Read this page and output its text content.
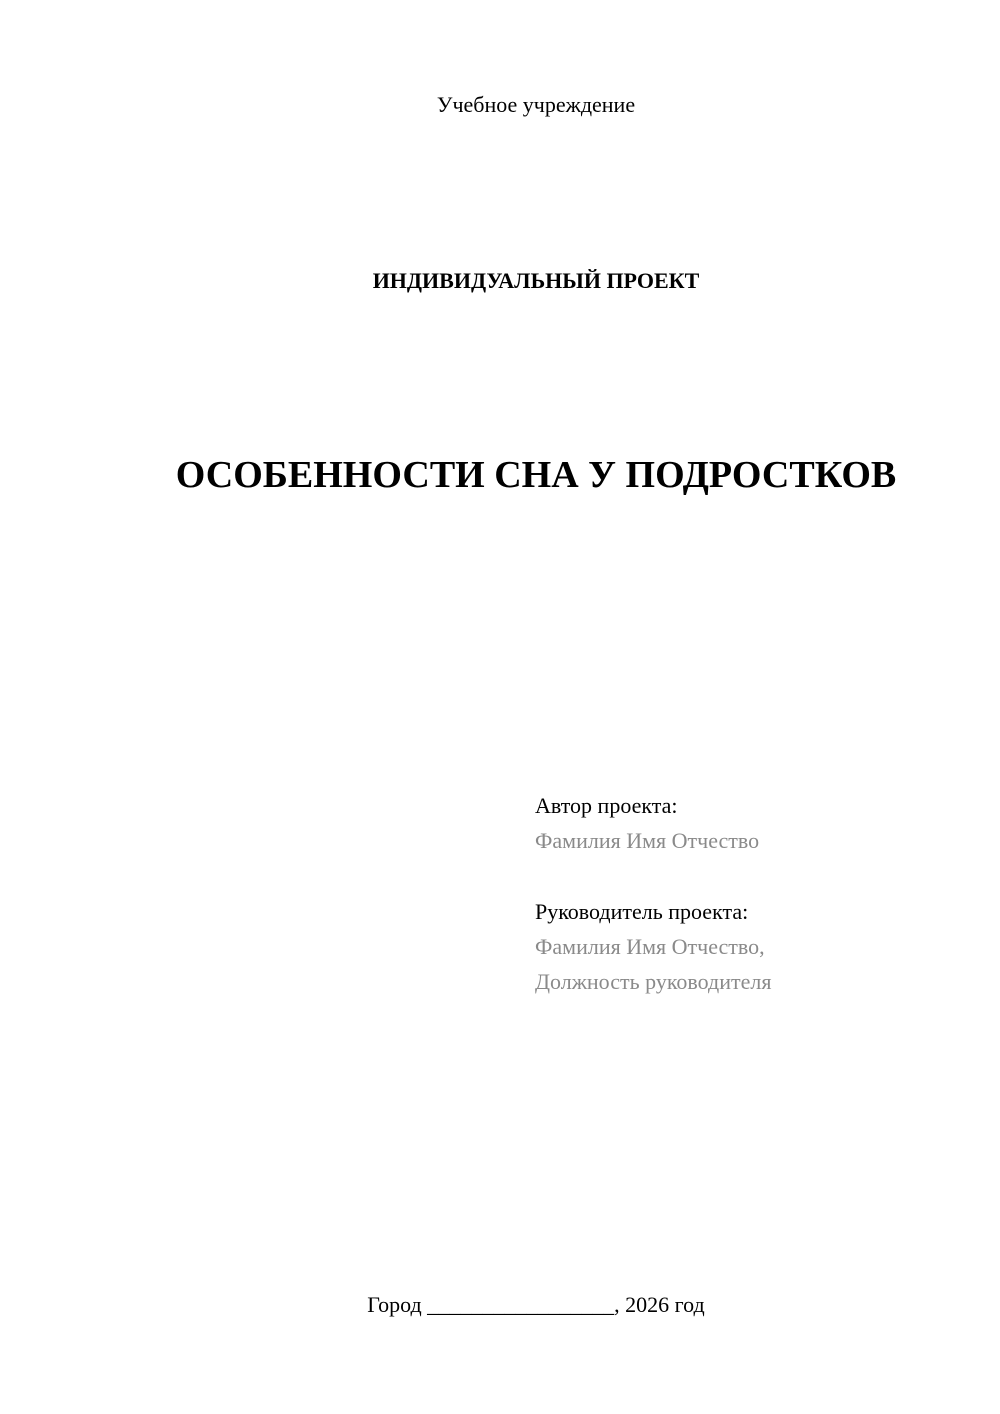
Учебное учреждение
ИНДИВИДУАЛЬНЫЙ ПРОЕКТ
ОСОБЕННОСТИ СНА У ПОДРОСТКОВ
Автор проекта:
Фамилия Имя Отчество
Руководитель проекта:
Фамилия Имя Отчество,
Должность руководителя
Город _________________, 2026 год
